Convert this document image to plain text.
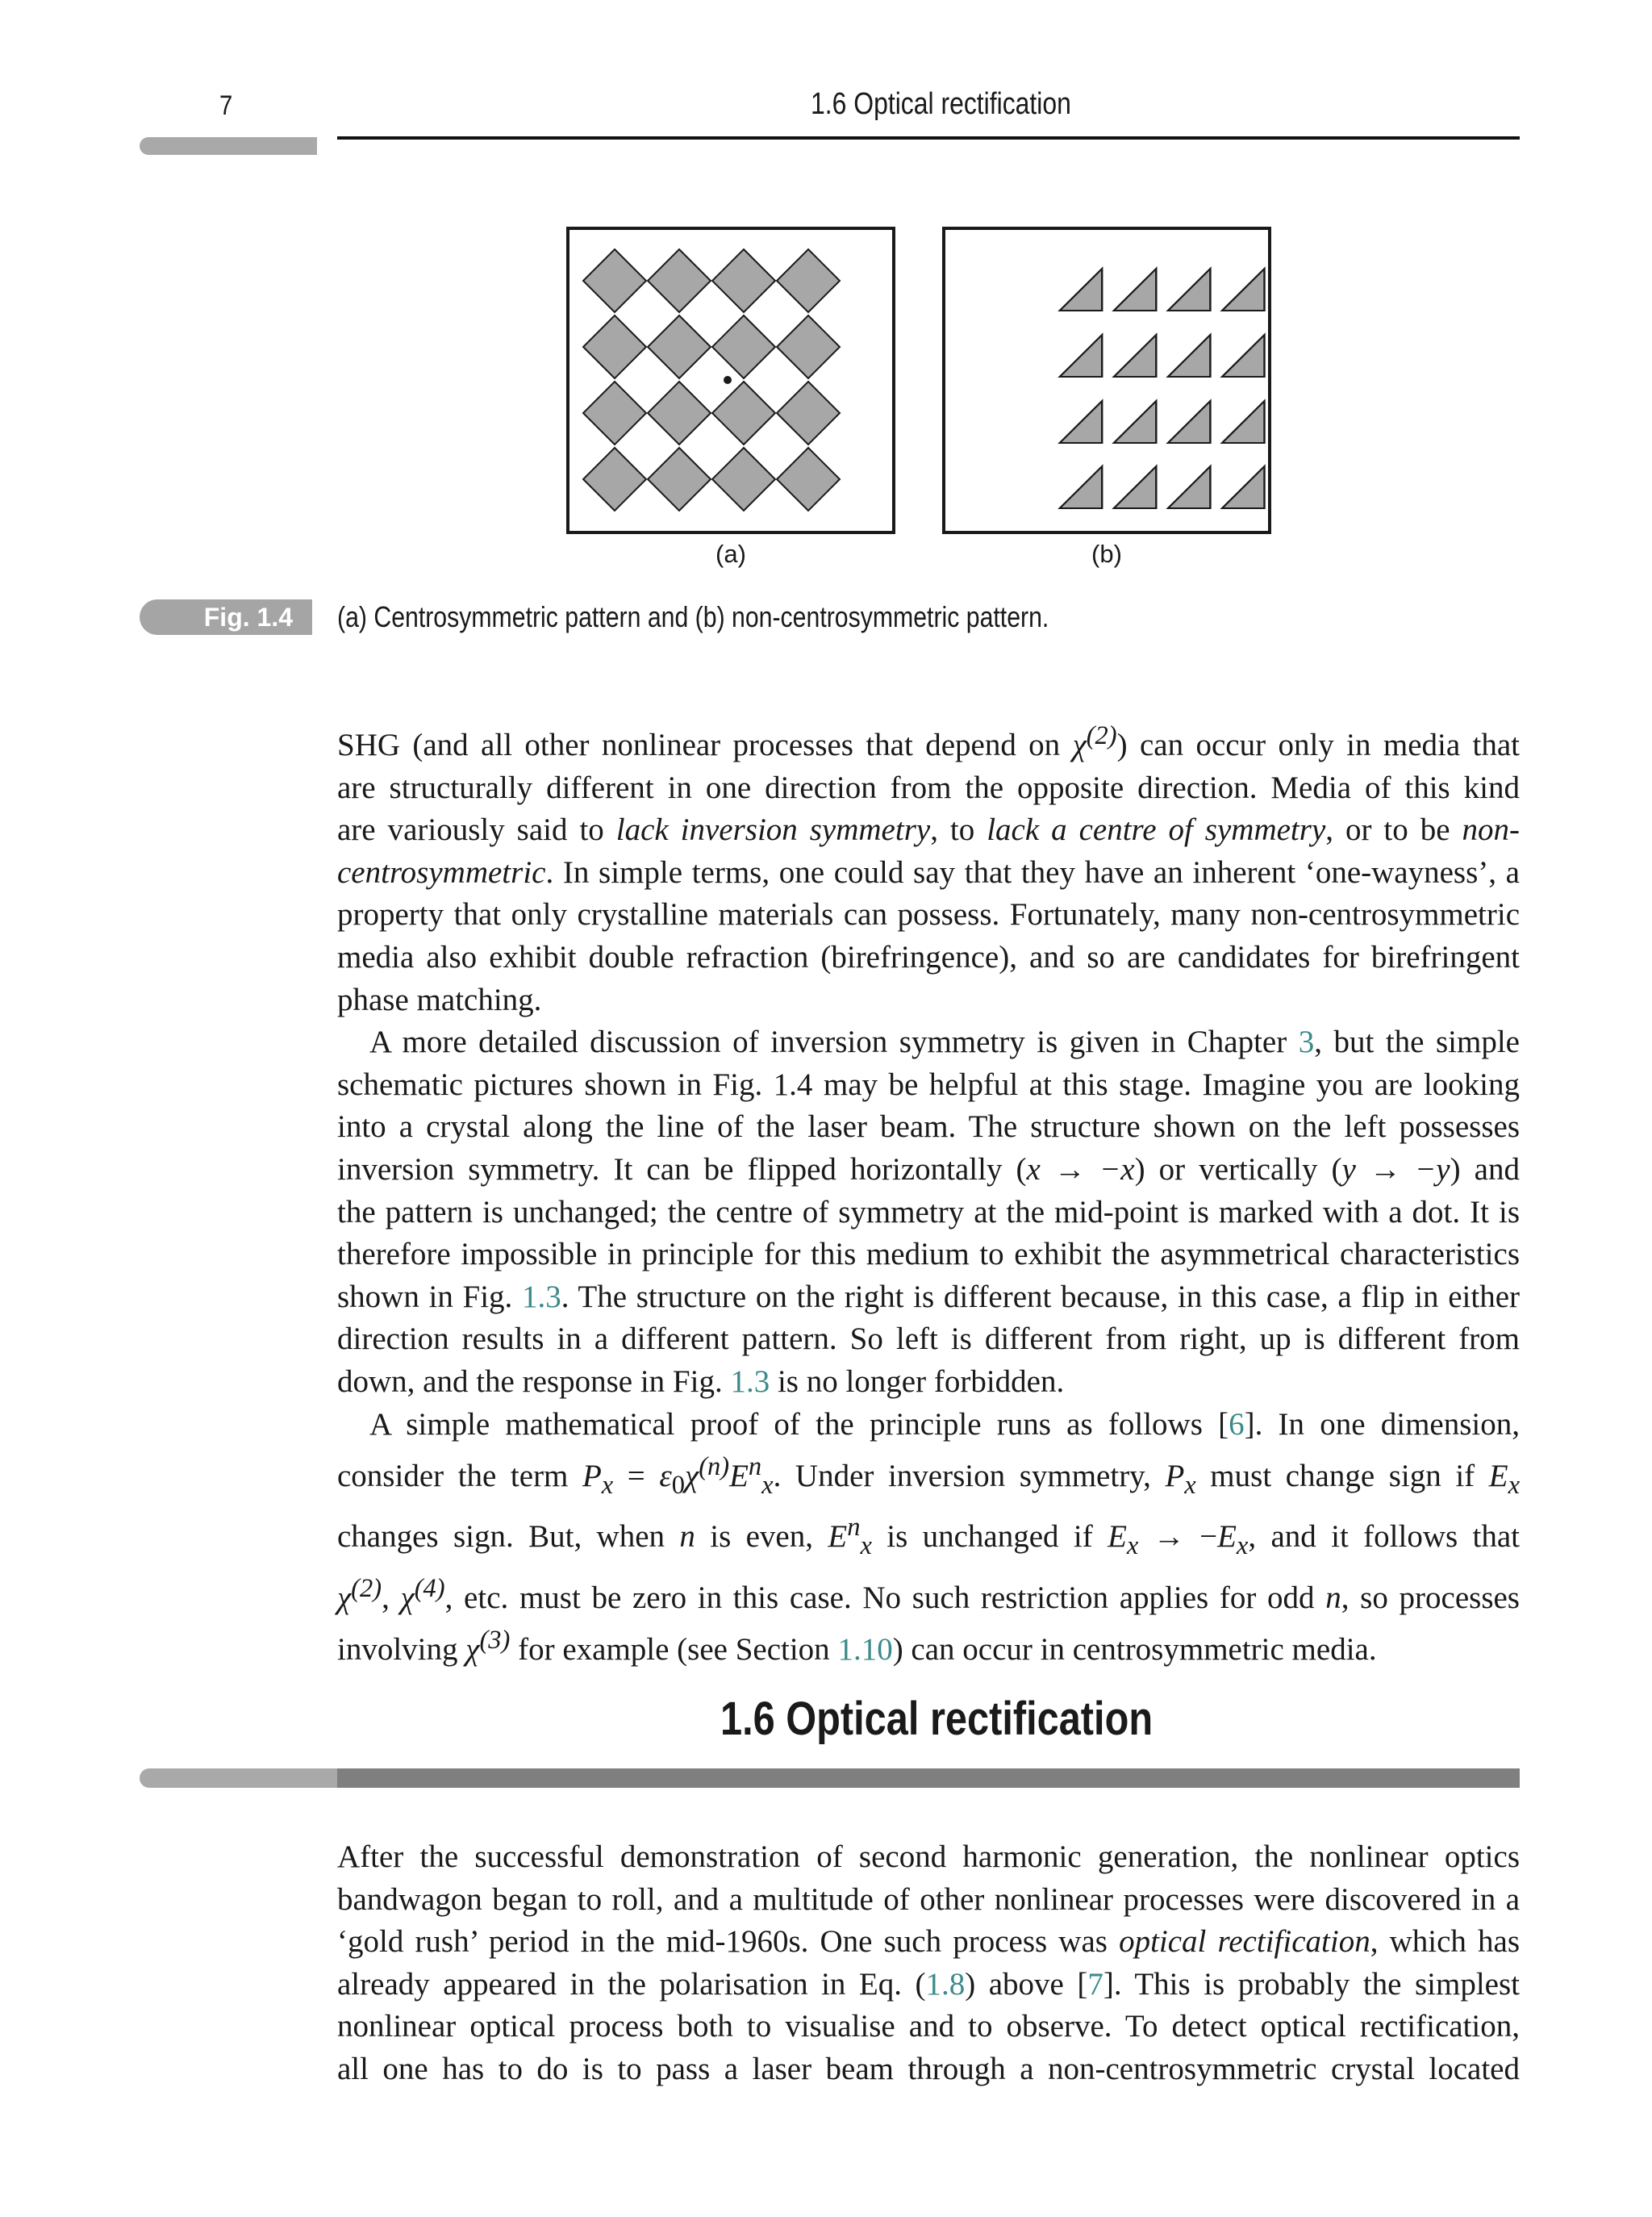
7	1.6 Optical rectification
(a)	(b)
Fig. 1.4	(a) Centrosymmetric pattern and (b) non-centrosymmetric pattern.
SHG (and all other nonlinear processes that depend on $\chi^{(2)}$) can occur only in media that
are structurally different in one direction from the opposite direction. Media of this kind
are variously said to lack inversion symmetry, to lack a centre of symmetry, or to be non-
centrosymmetric. In simple terms, one could say that they have an inherent ‘one-wayness’, a
property that only crystalline materials can possess. Fortunately, many non-centrosymmetric
media also exhibit double refraction (birefringence), and so are candidates for birefringent
phase matching.
A more detailed discussion of inversion symmetry is given in Chapter 3, but the simple
schematic pictures shown in Fig. 1.4 may be helpful at this stage. Imagine you are looking
into a crystal along the line of the laser beam. The structure shown on the left possesses
inversion symmetry. It can be flipped horizontally (x → −x) or vertically (y → −y) and
the pattern is unchanged; the centre of symmetry at the mid-point is marked with a dot. It is
therefore impossible in principle for this medium to exhibit the asymmetrical characteristics
shown in Fig. 1.3. The structure on the right is different because, in this case, a flip in either
direction results in a different pattern. So left is different from right, up is different from
down, and the response in Fig. 1.3 is no longer forbidden.
A simple mathematical proof of the principle runs as follows [6]. In one dimension,
consider the term $P_x = \varepsilon_0\chi^{(n)}E^n_x$. Under inversion symmetry, $P_x$ must change sign if $E_x$
changes sign. But, when n is even, $E^n_x$ is unchanged if $E_x \to -E_x$, and it follows that
$\chi^{(2)}$, $\chi^{(4)}$, etc. must be zero in this case. No such restriction applies for odd n, so processes
involving $\chi^{(3)}$ for example (see Section 1.10) can occur in centrosymmetric media.
1.6 Optical rectification
After the successful demonstration of second harmonic generation, the nonlinear optics
bandwagon began to roll, and a multitude of other nonlinear processes were discovered in a
‘gold rush’ period in the mid-1960s. One such process was optical rectification, which has
already appeared in the polarisation in Eq. (1.8) above [7]. This is probably the simplest
nonlinear optical process both to visualise and to observe. To detect optical rectification,
all one has to do is to pass a laser beam through a non-centrosymmetric crystal located
